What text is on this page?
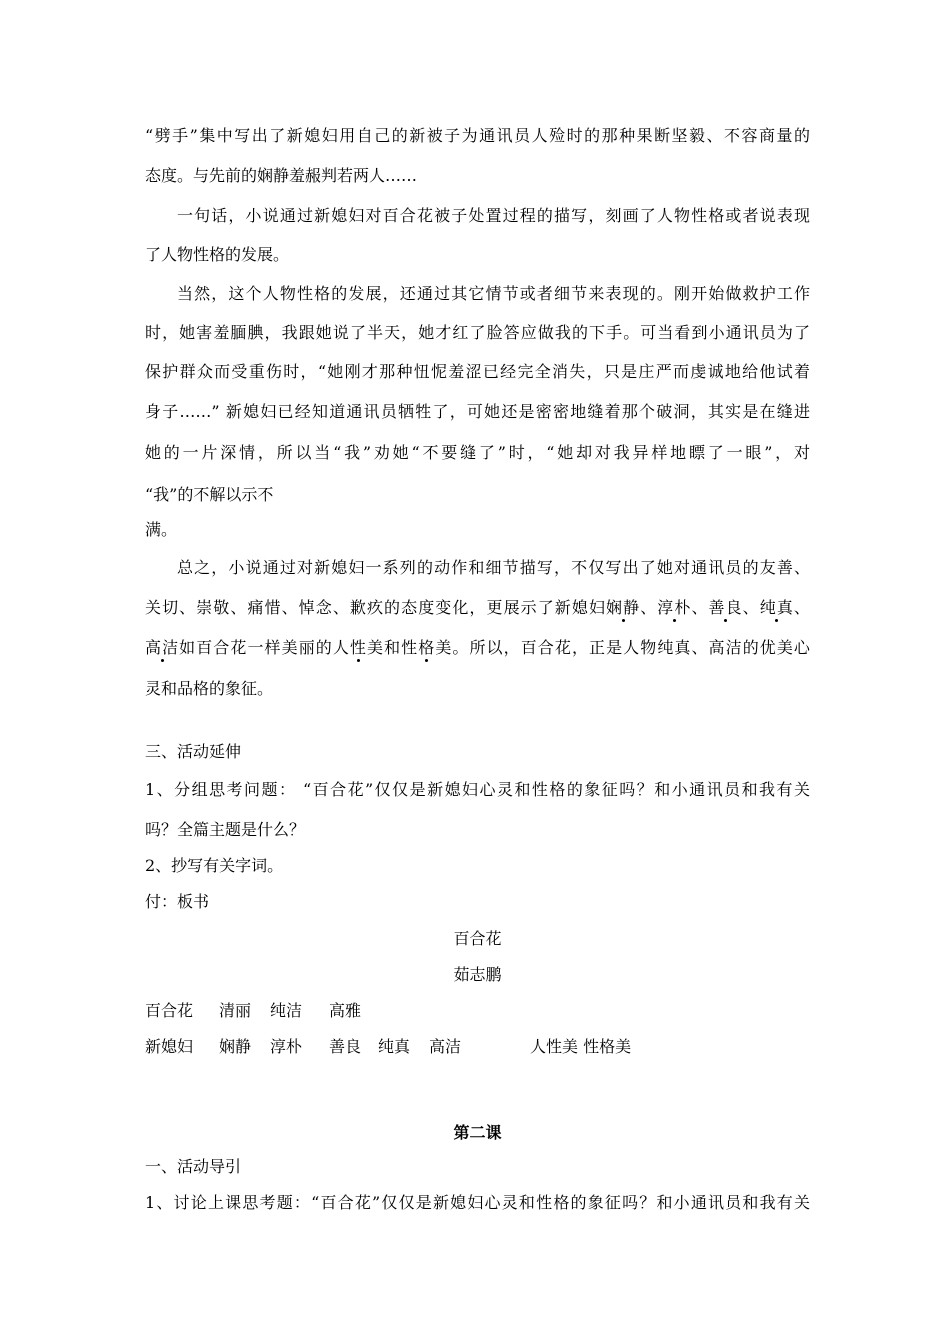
“劈手”集中写出了新媳妇用自己的新被子为通讯员人殓时的那种果断坚毅、不容商量的
态度。与先前的娴静羞赧判若两人……
一句话，小说通过新媳妇对百合花被子处置过程的描写，刻画了人物性格或者说表现
了人物性格的发展。
当然，这个人物性格的发展，还通过其它情节或者细节来表现的。刚开始做救护工作
时，她害羞腼腆，我跟她说了半天，她才红了脸答应做我的下手。可当看到小通讯员为了
保护群众而受重伤时，“她刚才那种忸怩羞涩已经完全消失，只是庄严而虔诚地给他试着
身子……” 新媳妇已经知道通讯员牺牲了，可她还是密密地缝着那个破洞，其实是在缝进
她的一片深情，所以当“我”劝她“不要缝了”时，“她却对我异样地瞟了一眼”，对
“我”的不解以示不
满。
总之，小说通过对新媳妇一系列的动作和细节描写，不仅写出了她对通讯员的友善、
关切、崇敬、痛惜、悼念、歉疚的态度变化，更展示了新媳妇娴静、淳朴、善良、纯真、
高洁如百合花一样美丽的人性美和性格美。所以，百合花，正是人物纯真、高洁的优美心
灵和品格的象征。
三、活动延伸
1、分组思考问题： “百合花”仅仅是新媳妇心灵和性格的象征吗？和小通讯员和我有关
吗？全篇主题是什么？
2、抄写有关字词。
付：板书
百合花
茹志鹏
百合花 清丽 纯洁 高雅
新媳妇 娴静 淳朴 善良 纯真 高洁	人性美 性格美
第二课
一、活动导引
1、讨论上课思考题：“百合花”仅仅是新媳妇心灵和性格的象征吗？和小通讯员和我有关
